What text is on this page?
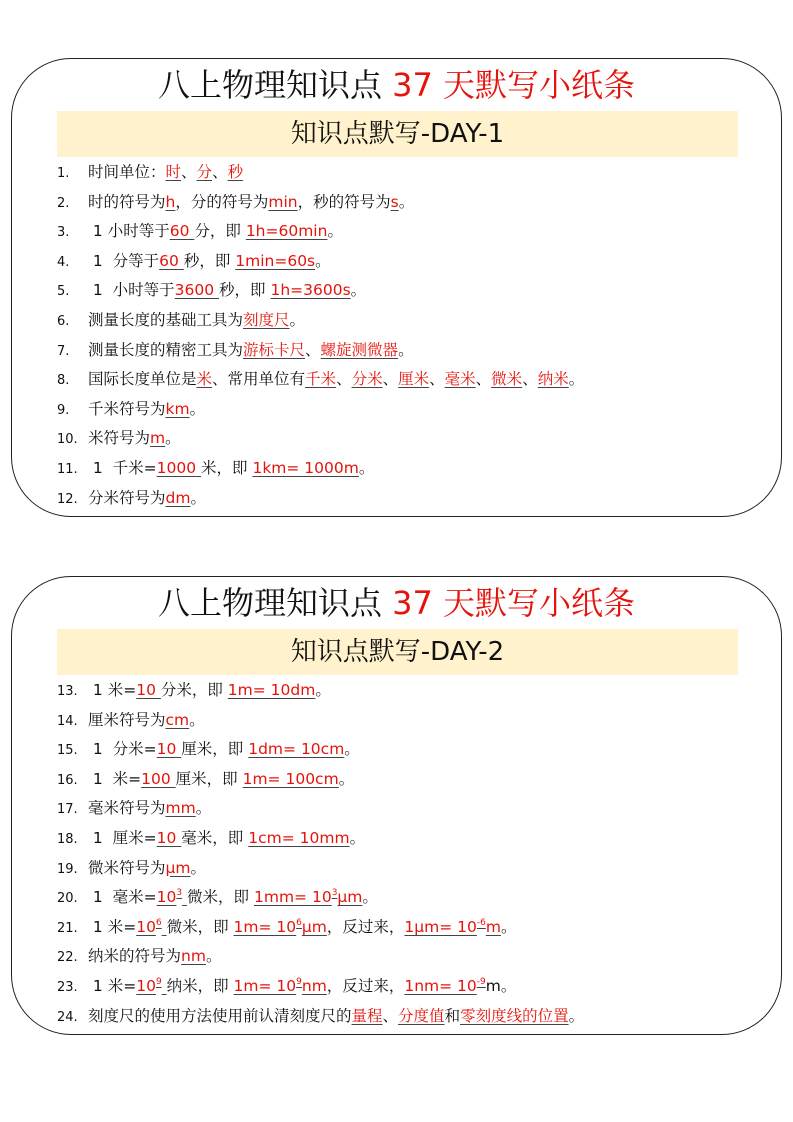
八上物理知识点 37 天默写小纸条
知识点默写-DAY-1
1. 时间单位：时、分、秒
2. 时的符号为h，分的符号为min，秒的符号为s。
3. 1 小时等于60 分，即 1h=60min。
4. 1  分等于60 秒，即 1min=60s。
5. 1  小时等于3600 秒，即 1h=3600s。
6. 测量长度的基础工具为刻度尺。
7. 测量长度的精密工具为游标卡尺、螺旋测微器。
8. 国际长度单位是米、常用单位有千米、分米、厘米、毫米、微米、纳米。
9. 千米符号为km。
10. 米符号为m。
11. 1  千米=1000 米，即 1km= 1000m。
12. 分米符号为dm。
八上物理知识点 37 天默写小纸条
知识点默写-DAY-2
13. 1 米=10 分米，即 1m= 10dm。
14. 厘米符号为cm。
15. 1  分米=10 厘米，即 1dm= 10cm。
16. 1  米=100 厘米，即 1m= 100cm。
17. 毫米符号为mm。
18. 1  厘米=10 毫米，即 1cm= 10mm。
19. 微米符号为μm。
20. 1  毫米$=10^3$ 微米，即 $1mm= 10^3\mu m$。
21. 1 米$=10^6$ 微米，即 $1m= 10^6\mu m$，反过来，$1\mu m= 10^{-6}m$。
22. 纳米的符号为nm。
23. 1 米$=10^9$ 纳米，即 $1m= 10^9nm$，反过来，$1nm= 10^{-9}m$。
24. 刻度尺的使用方法使用前认清刻度尺的量程、分度值和零刻度线的位置。
